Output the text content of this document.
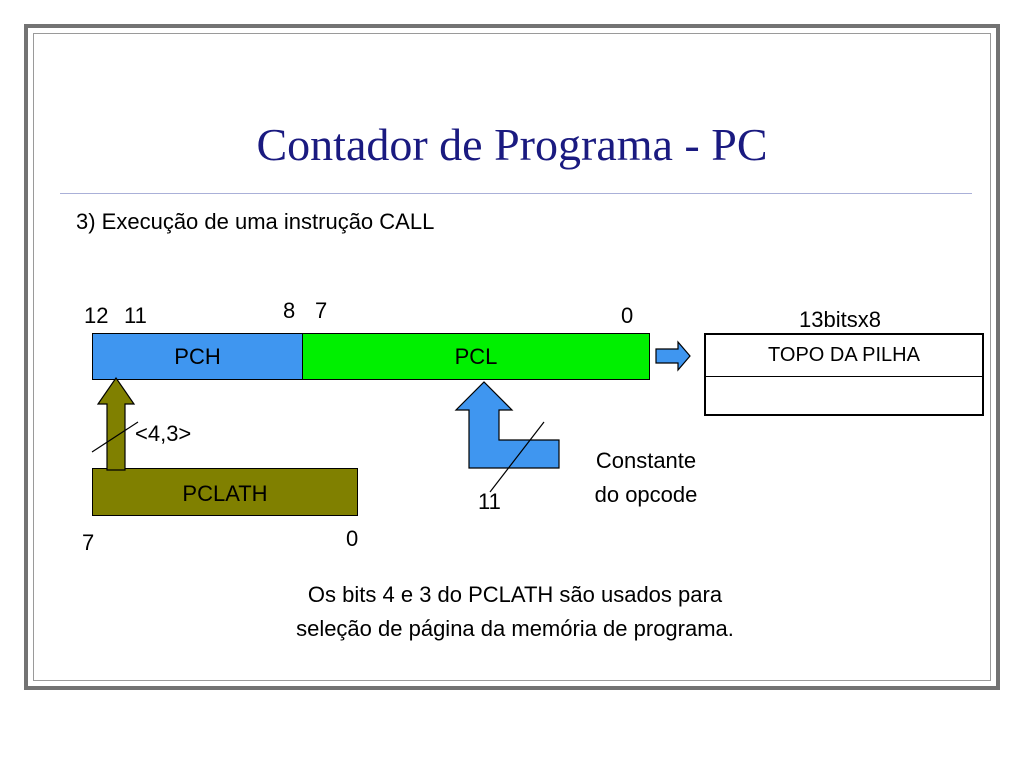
Contador de Programa - PC
3) Execução de uma instrução CALL
12 11	8 7	0
PCH	PCL
PCLATH
7	0
<4,3>
11
13bitsx8
TOPO DA PILHA
Constante
do opcode
Os bits 4 e 3 do PCLATH são usados para
seleção de página da memória de programa.
